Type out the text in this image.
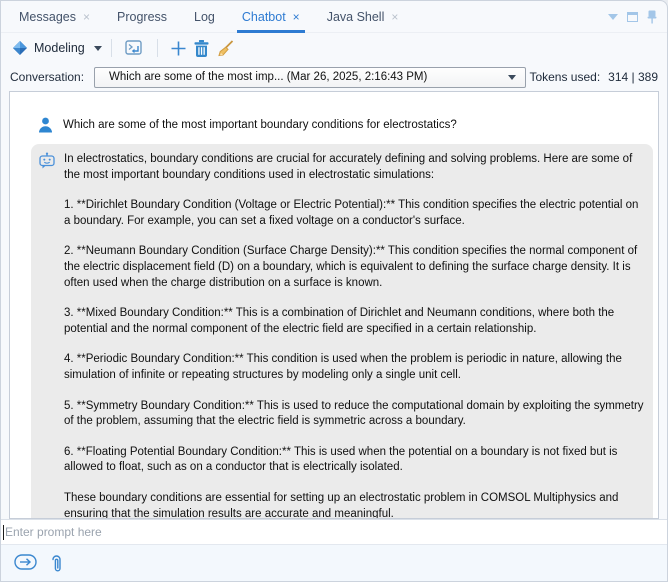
Messages × Progress Log Chatbot × Java Shell ×
Modeling
Conversation: Which are some of the most imp... (Mar 26, 2025, 2:16:43 PM)	Tokens used: 314 | 389
Which are some of the most important boundary conditions for electrostatics?

In electrostatics, boundary conditions are crucial for accurately defining and solving problems. Here are some of the most important boundary conditions used in electrostatic simulations:

1. **Dirichlet Boundary Condition (Voltage or Electric Potential):** This condition specifies the electric potential on a boundary. For example, you can set a fixed voltage on a conductor's surface.

2. **Neumann Boundary Condition (Surface Charge Density):** This condition specifies the normal component of the electric displacement field (D) on a boundary, which is equivalent to defining the surface charge density. It is often used when the charge distribution on a surface is known.

3. **Mixed Boundary Condition:** This is a combination of Dirichlet and Neumann conditions, where both the potential and the normal component of the electric field are specified in a certain relationship.

4. **Periodic Boundary Condition:** This condition is used when the problem is periodic in nature, allowing the simulation of infinite or repeating structures by modeling only a single unit cell.

5. **Symmetry Boundary Condition:** This is used to reduce the computational domain by exploiting the symmetry of the problem, assuming that the electric field is symmetric across a boundary.

6. **Floating Potential Boundary Condition:** This is used when the potential on a boundary is not fixed but is allowed to float, such as on a conductor that is electrically isolated.

These boundary conditions are essential for setting up an electrostatic problem in COMSOL Multiphysics and ensuring that the simulation results are accurate and meaningful.

Enter prompt here
